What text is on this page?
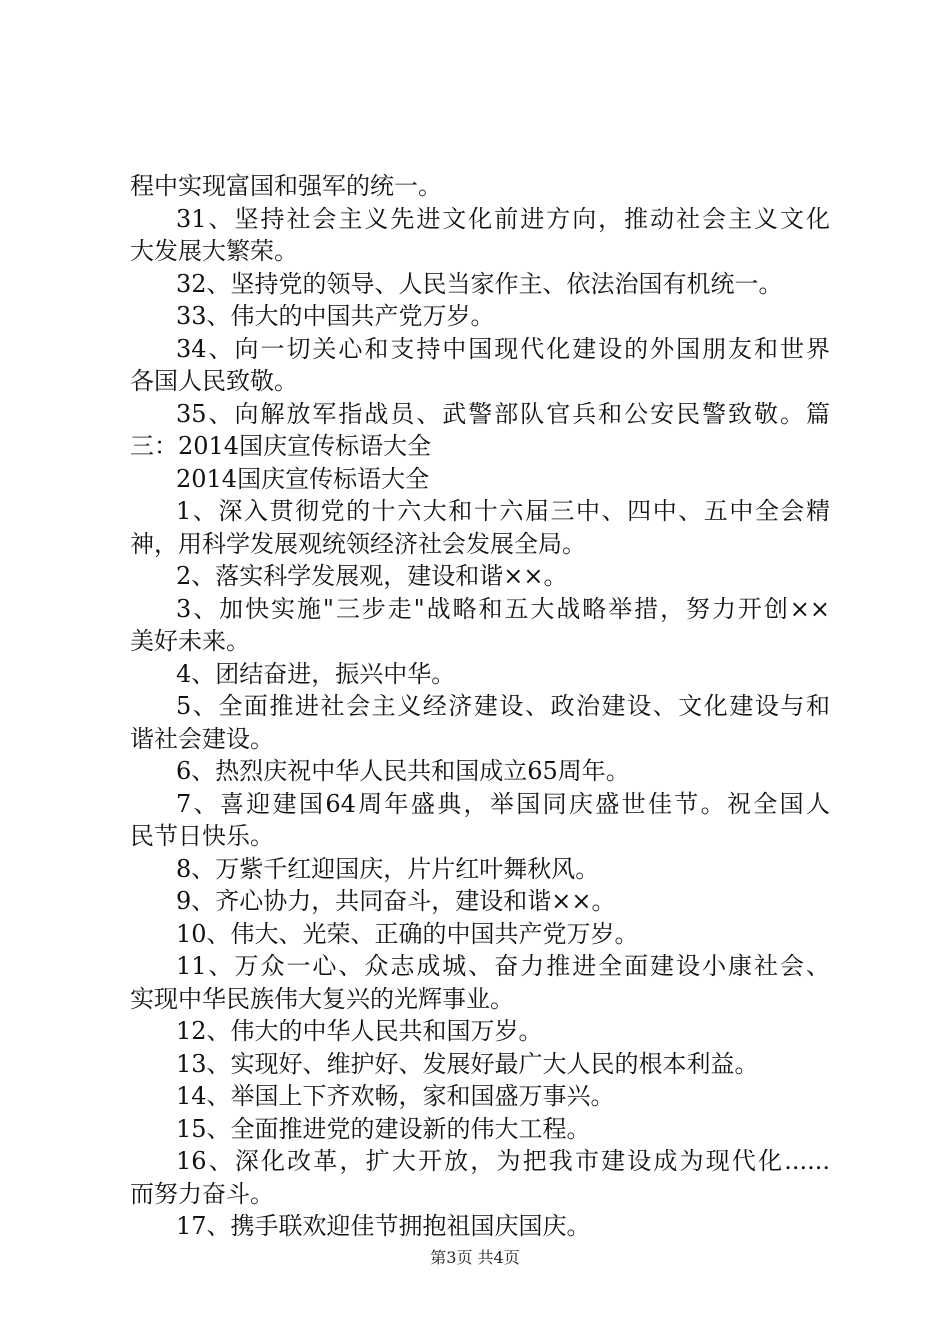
程中实现富国和强军的统一。
31、坚持社会主义先进文化前进方向，推动社会主义文化
大发展大繁荣。
32、坚持党的领导、人民当家作主、依法治国有机统一。
33、伟大的中国共产党万岁。
34、向一切关心和支持中国现代化建设的外国朋友和世界
各国人民致敬。
35、向解放军指战员、武警部队官兵和公安民警致敬。篇
三：2014国庆宣传标语大全
2014国庆宣传标语大全
1、深入贯彻党的十六大和十六届三中、四中、五中全会精
神，用科学发展观统领经济社会发展全局。
2、落实科学发展观，建设和谐××。
3、加快实施"三步走"战略和五大战略举措，努力开创××
美好未来。
4、团结奋进，振兴中华。
5、全面推进社会主义经济建设、政治建设、文化建设与和
谐社会建设。
6、热烈庆祝中华人民共和国成立65周年。
7、喜迎建国64周年盛典，举国同庆盛世佳节。祝全国人
民节日快乐。
8、万紫千红迎国庆，片片红叶舞秋风。
9、齐心协力，共同奋斗，建设和谐××。
10、伟大、光荣、正确的中国共产党万岁。
11、万众一心、众志成城、奋力推进全面建设小康社会、
实现中华民族伟大复兴的光辉事业。
12、伟大的中华人民共和国万岁。
13、实现好、维护好、发展好最广大人民的根本利益。
14、举国上下齐欢畅，家和国盛万事兴。
15、全面推进党的建设新的伟大工程。
16、深化改革，扩大开放，为把我市建设成为现代化......
而努力奋斗。
17、携手联欢迎佳节拥抱祖国庆国庆。
第3页 共4页
